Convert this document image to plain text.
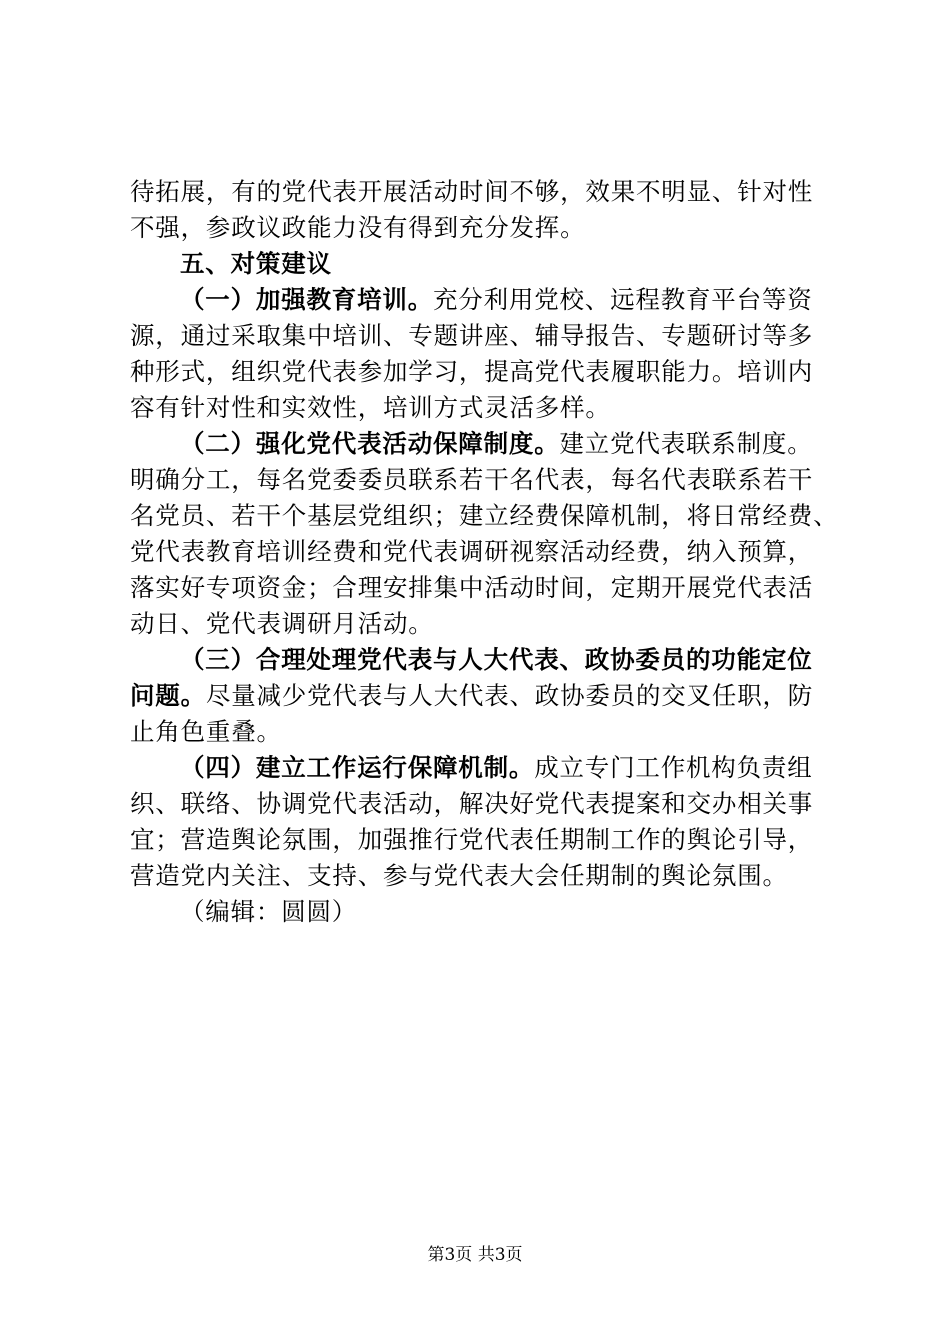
待拓展，有的党代表开展活动时间不够，效果不明显、针对性
不强，参政议政能力没有得到充分发挥。
五、对策建议
（一）加强教育培训。充分利用党校、远程教育平台等资
源，通过采取集中培训、专题讲座、辅导报告、专题研讨等多
种形式，组织党代表参加学习，提高党代表履职能力。培训内
容有针对性和实效性，培训方式灵活多样。
（二）强化党代表活动保障制度。建立党代表联系制度。
明确分工，每名党委委员联系若干名代表，每名代表联系若干
名党员、若干个基层党组织；建立经费保障机制，将日常经费、
党代表教育培训经费和党代表调研视察活动经费，纳入预算，
落实好专项资金；合理安排集中活动时间，定期开展党代表活
动日、党代表调研月活动。
（三）合理处理党代表与人大代表、政协委员的功能定位
问题。尽量减少党代表与人大代表、政协委员的交叉任职，防
止角色重叠。
（四）建立工作运行保障机制。成立专门工作机构负责组
织、联络、协调党代表活动，解决好党代表提案和交办相关事
宜；营造舆论氛围，加强推行党代表任期制工作的舆论引导，
营造党内关注、支持、参与党代表大会任期制的舆论氛围。
（编辑：圆圆）
第3页 共3页
